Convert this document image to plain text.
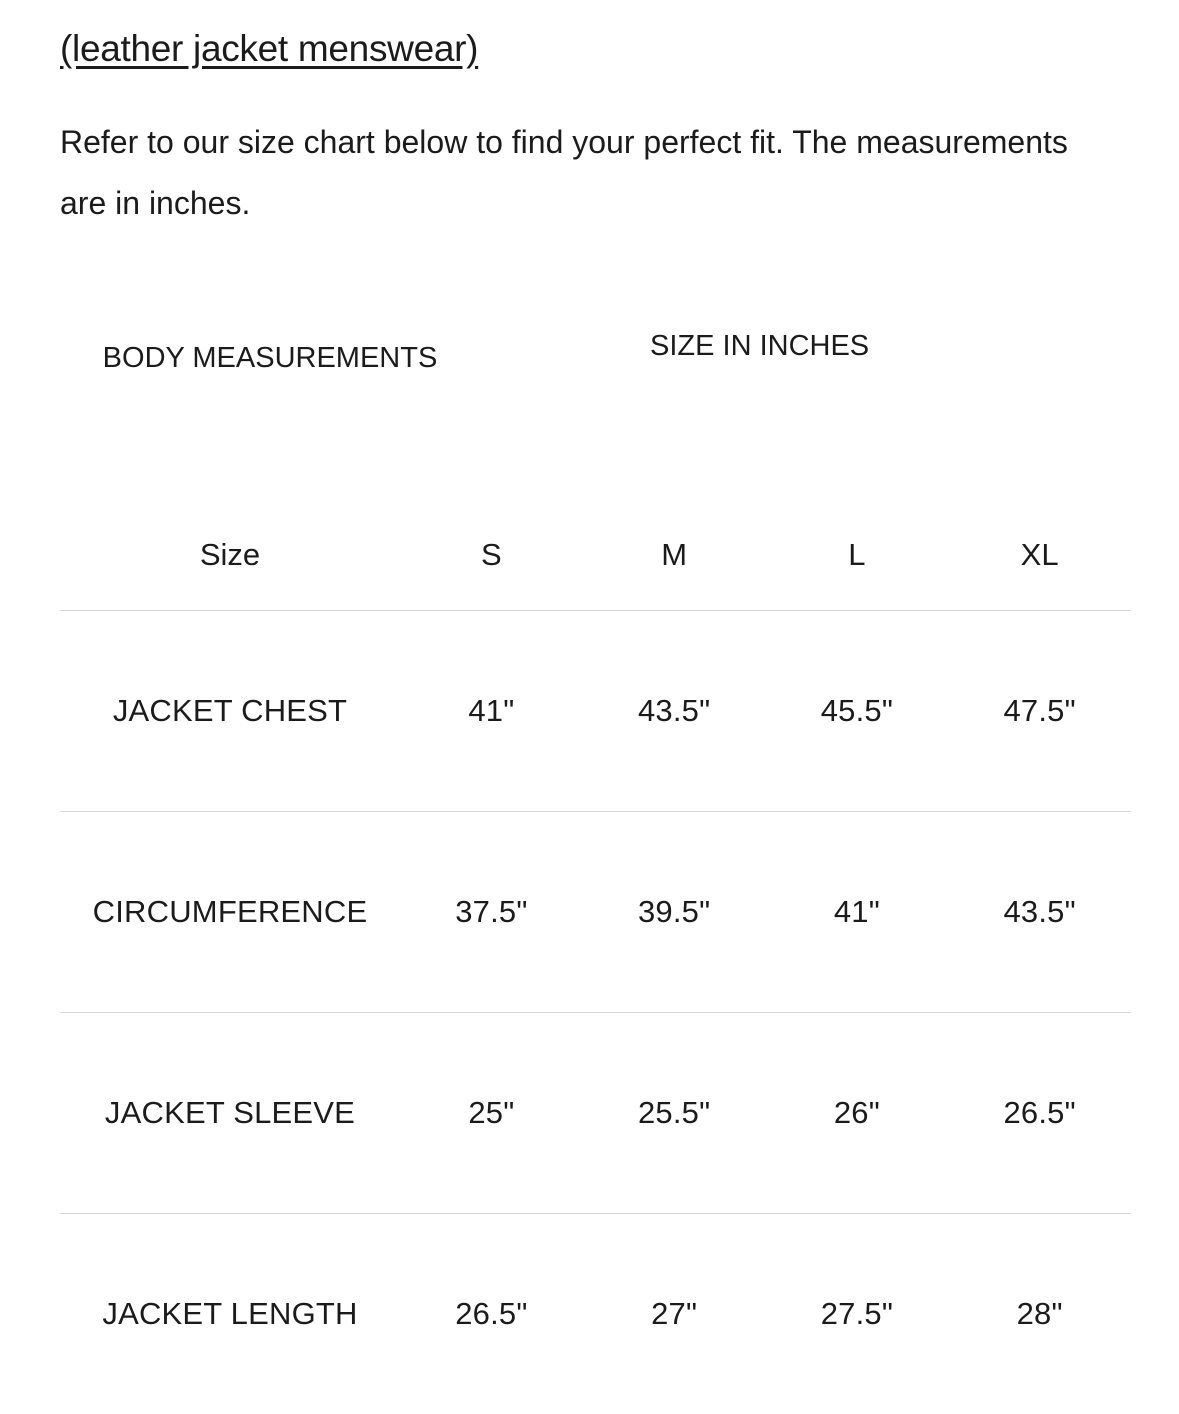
(leather jacket menswear)

Refer to our size chart below to find your perfect fit. The measurements are in inches.

BODY MEASUREMENTS	SIZE IN INCHES
Size	S	M	L	XL
JACKET CHEST	41"	43.5"	45.5"	47.5"
CIRCUMFERENCE	37.5"	39.5"	41"	43.5"
JACKET SLEEVE	25"	25.5"	26"	26.5"
JACKET LENGTH	26.5"	27"	27.5"	28"
